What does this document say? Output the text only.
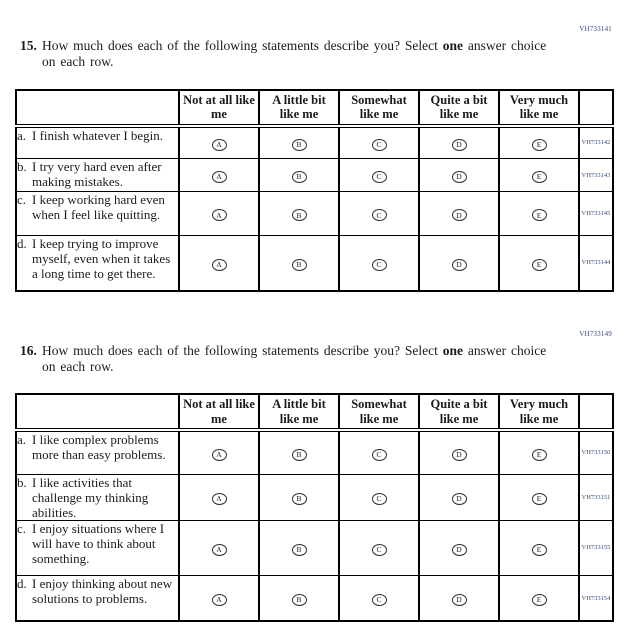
VH733141
15. How much does each of the following statements describe you? Select one answer choice on each row.
	Not at all like me	A little bit like me	Somewhat like me	Quite a bit like me	Very much like me	

a. I finish whatever I begin.	A	B	C	D	E	VH733142

b. I try very hard even after making mistakes.	A	B	C	D	E	VH733143

c. I keep working hard even when I feel like quitting.	A	B	C	D	E	VH733145

d. I keep trying to improve myself, even when it takes a long time to get there.	A	B	C	D	E	VH733144
VH733149
16. How much does each of the following statements describe you? Select one answer choice on each row.
	Not at all like me	A little bit like me	Somewhat like me	Quite a bit like me	Very much like me	

a. I like complex problems more than easy problems.	A	B	C	D	E	VH733150

b. I like activities that challenge my thinking abilities.	A	B	C	D	E	VH733151

c. I enjoy situations where I will have to think about something.	A	B	C	D	E	VH733155

d. I enjoy thinking about new solutions to problems.	A	B	C	D	E	VH733154
